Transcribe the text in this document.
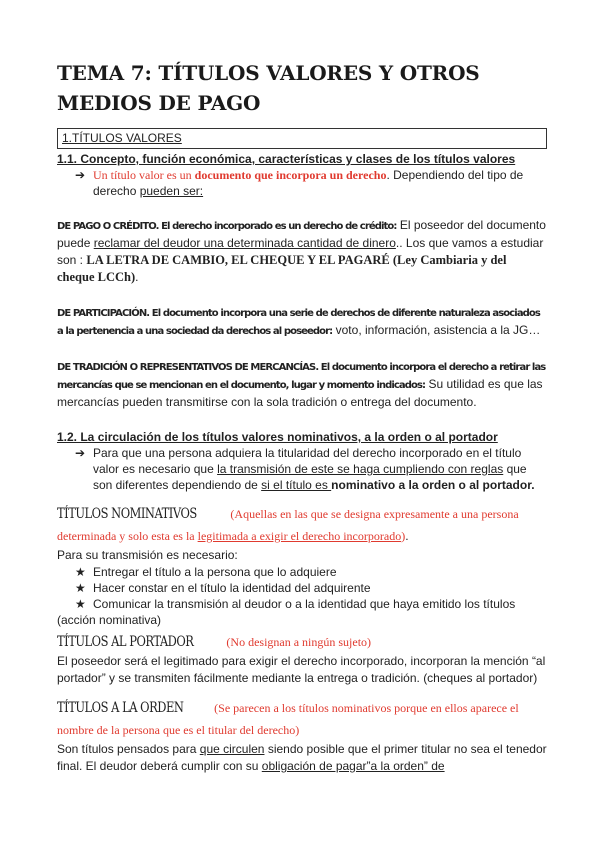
TEMA 7: TÍTULOS VALORES Y OTROS
MEDIOS DE PAGO
1.TÍTULOS VALORES

1.1. Concepto, función económica, características y clases de los títulos valores

➔ Un título valor es un documento que incorpora un derecho. Dependiendo del tipo de derecho pueden ser:

DE PAGO O CRÉDITO. El derecho incorporado es un derecho de crédito: El poseedor del documento puede reclamar del deudor una determinada cantidad de dinero.. Los que vamos a estudiar son : LA LETRA DE CAMBIO, EL CHEQUE Y EL PAGARÉ (Ley Cambiaria y del cheque LCCh).

DE PARTICIPACIÓN. El documento incorpora una serie de derechos de diferente naturaleza asociados a la pertenencia a una sociedad da derechos al poseedor: voto, información, asistencia a la JG…

DE TRADICIÓN O REPRESENTATIVOS DE MERCANCÍAS. El documento incorpora el derecho a retirar las mercancías que se mencionan en el documento, lugar y momento indicados: Su utilidad es que las mercancías pueden transmitirse con la sola tradición o entrega del documento.

1.2. La circulación de los títulos valores nominativos, a la orden o al portador

➔ Para que una persona adquiera la titularidad del derecho incorporado en el título valor es necesario que la transmisión de este se haga cumpliendo con reglas que son diferentes dependiendo de si el título es nominativo a la orden o al portador.
TÍTULOS NOMINATIVOS	(Aquellas en las que se designa expresamente a una persona determinada y solo esta es la legitimada a exigir el derecho incorporado).

Para su transmisión es necesario:

★ Entregar el título a la persona que lo adquiere
★ Hacer constar en el título la identidad del adquirente
★ Comunicar la transmisión al deudor o a la identidad que haya emitido los títulos

(acción nominativa)

TÍTULOS AL PORTADOR (No designan a ningún sujeto)

El poseedor será el legitimado para exigir el derecho incorporado, incorporan la mención “al portador” y se transmiten fácilmente mediante la entrega o tradición. (cheques al portador)

TÍTULOS A LA ORDEN (Se parecen a los títulos nominativos porque en ellos aparece el nombre de la persona que es el titular del derecho)

Son títulos pensados para que circulen siendo posible que el primer titular no sea el tenedor final. El deudor deberá cumplir con su obligación de pagar”a la orden” de
